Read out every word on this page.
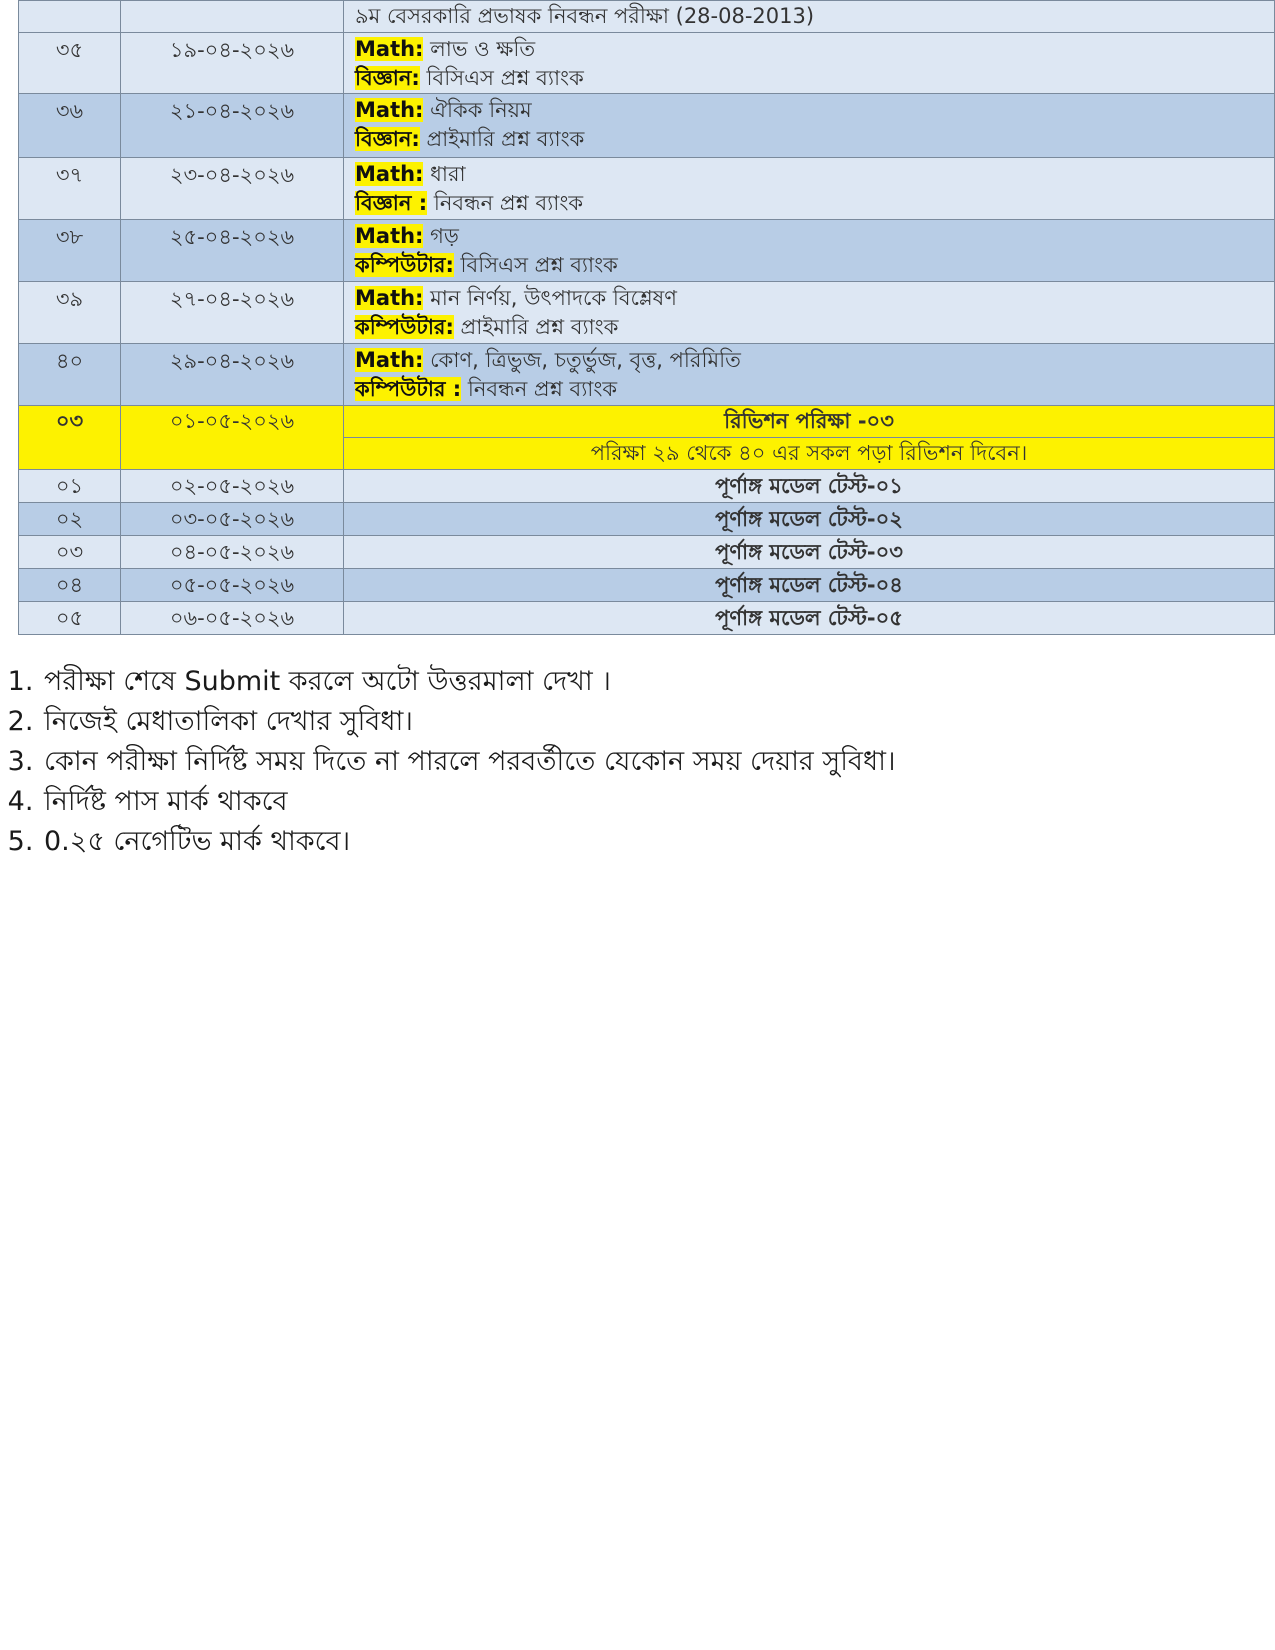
		৯ম বেসরকারি প্রভাষক নিবন্ধন পরীক্ষা (28-08-2013)
৩৫	১৯-০৪-২০২৬	Math: লাভ ও ক্ষতি
বিজ্ঞান: বিসিএস প্রশ্ন ব্যাংক

৩৬	২১-০৪-২০২৬	Math: ঐকিক নিয়ম
বিজ্ঞান: প্রাইমারি প্রশ্ন ব্যাংক

৩৭	২৩-০৪-২০২৬	Math: ধারা
বিজ্ঞান : নিবন্ধন প্রশ্ন ব্যাংক

৩৮	২৫-০৪-২০২৬	Math: গড়
কম্পিউটার: বিসিএস প্রশ্ন ব্যাংক

৩৯	২৭-০৪-২০২৬	Math: মান নির্ণয়, উৎপাদকে বিশ্লেষণ
কম্পিউটার: প্রাইমারি প্রশ্ন ব্যাংক

৪০	২৯-০৪-২০২৬	Math: কোণ, ত্রিভুজ, চতুর্ভুজ, বৃত্ত, পরিমিতি
কম্পিউটার : নিবন্ধন প্রশ্ন ব্যাংক

০৩	০১-০৫-২০২৬	রিভিশন পরিক্ষা -০৩
		পরিক্ষা ২৯ থেকে ৪০ এর সকল পড়া রিভিশন দিবেন।
০১	০২-০৫-২০২৬	পূর্ণাঙ্গ মডেল টেস্ট-০১
০২	০৩-০৫-২০২৬	পূর্ণাঙ্গ মডেল টেস্ট-০২
০৩	০৪-০৫-২০২৬	পূর্ণাঙ্গ মডেল টেস্ট-০৩
০৪	০৫-০৫-২০২৬	পূর্ণাঙ্গ মডেল টেস্ট-০৪
০৫	০৬-০৫-২০২৬	পূর্ণাঙ্গ মডেল টেস্ট-০৫
1. পরীক্ষা শেষে Submit করলে অটো উত্তরমালা দেখা ।
2. নিজেই মেধাতালিকা দেখার সুবিধা।
3. কোন পরীক্ষা নির্দিষ্ট সময় দিতে না পারলে পরবর্তীতে যেকোন সময় দেয়ার সুবিধা।
4. নির্দিষ্ট পাস মার্ক থাকবে
5. 0.২৫ নেগেটিভ মার্ক থাকবে।
